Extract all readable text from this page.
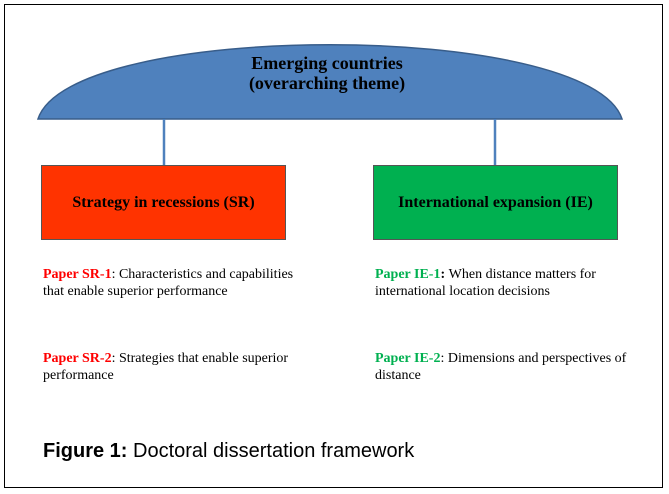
Emerging countries
(overarching theme)
Strategy in recessions (SR)	International expansion (IE)
Paper SR-1: Characteristics and capabilities that enable superior performance
Paper SR-2: Strategies that enable superior performance
Paper IE-1: When distance matters for international location decisions
Paper IE-2: Dimensions and perspectives of distance
Figure 1: Doctoral dissertation framework
